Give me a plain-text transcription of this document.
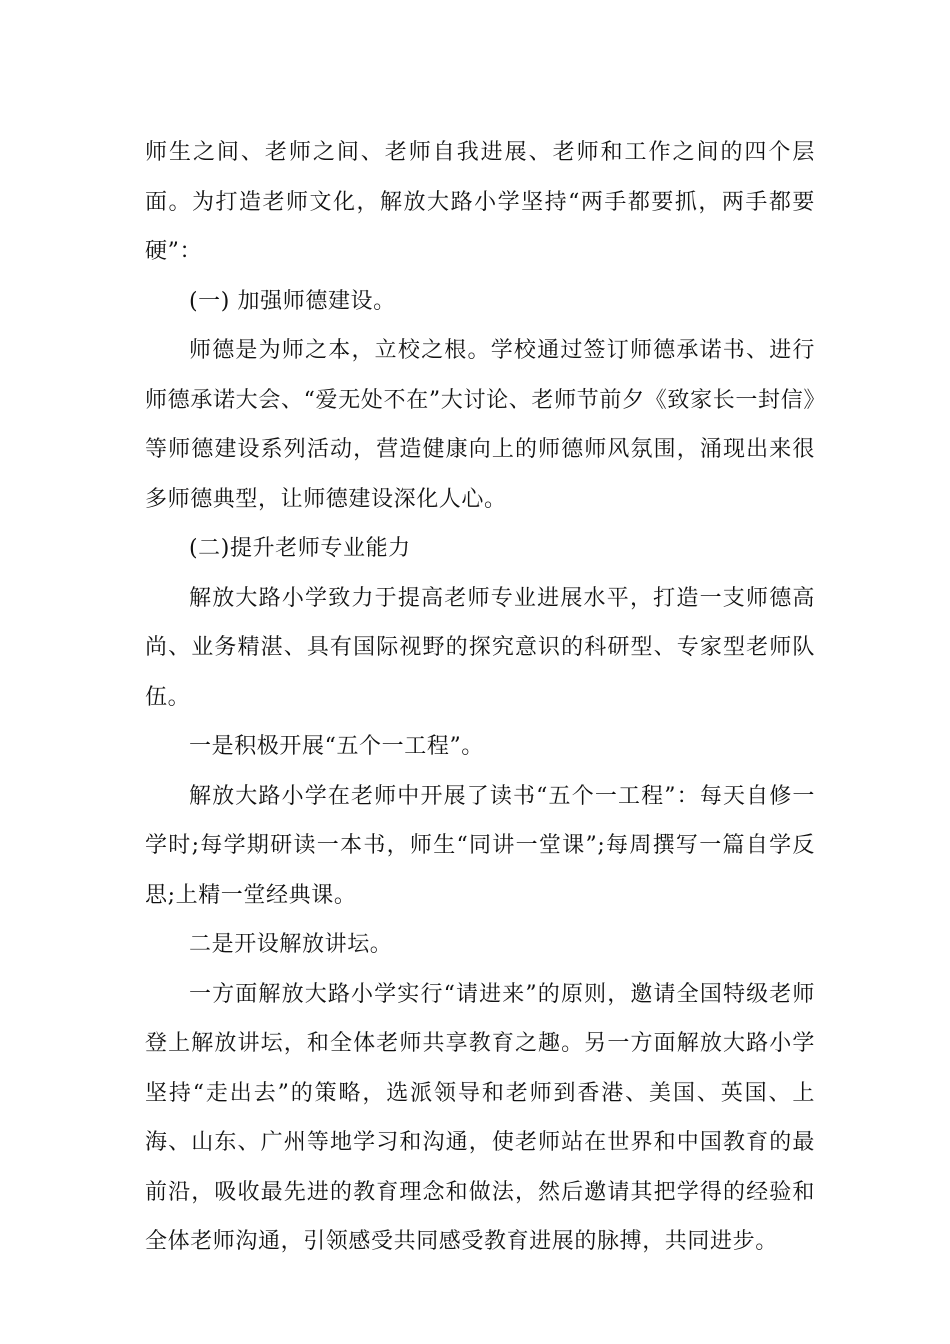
师生之间、老师之间、老师自我进展、老师和工作之间的四个层面。为打造老师文化，解放大路小学坚持“两手都要抓，两手都要硬”：

(一) 加强师德建设。

师德是为师之本，立校之根。学校通过签订师德承诺书、进行师德承诺大会、“爱无处不在”大讨论、老师节前夕《致家长一封信》等师德建设系列活动，营造健康向上的师德师风氛围，涌现出来很多师德典型，让师德建设深化人心。

(二)提升老师专业能力

解放大路小学致力于提高老师专业进展水平，打造一支师德高尚、业务精湛、具有国际视野的探究意识的科研型、专家型老师队伍。

一是积极开展“五个一工程”。

解放大路小学在老师中开展了读书“五个一工程”：每天自修一学时;每学期研读一本书，师生“同讲一堂课”;每周撰写一篇自学反思;上精一堂经典课。

二是开设解放讲坛。

一方面解放大路小学实行“请进来”的原则，邀请全国特级老师登上解放讲坛，和全体老师共享教育之趣。另一方面解放大路小学坚持“走出去”的策略，选派领导和老师到香港、美国、英国、上海、山东、广州等地学习和沟通，使老师站在世界和中国教育的最前沿，吸收最先进的教育理念和做法，然后邀请其把学得的经验和全体老师沟通，引领感受共同感受教育进展的脉搏，共同进步。
